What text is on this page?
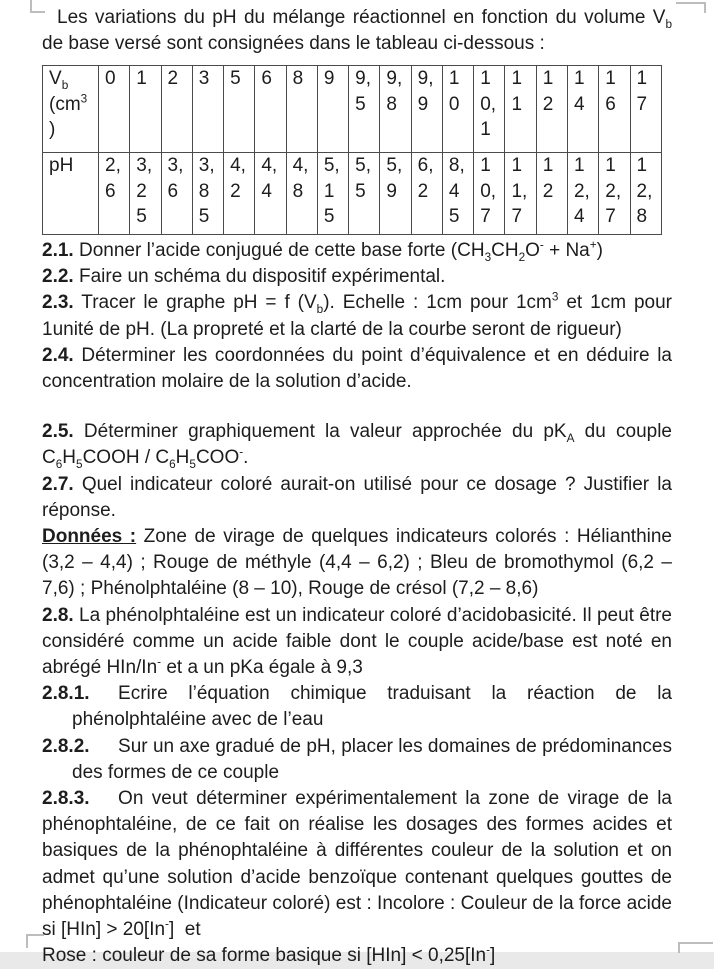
Les variations du pH du mélange réactionnel en fonction du volume $V_b$ de base versé sont consignées dans le tableau ci-dessous :

$V_b$ ($cm^3$ )	0	1	2	3	5	6	8	9	9,5	9,8	9,9	10	10,1	11	12	14	16	17
pH	2,6	3,25	3,6	3,85	4,2	4,4	4,8	5,15	5,5	5,9	6,2	8,45	10,7	11,7	12	12,4	12,7	12,8

2.1. Donner l’acide conjugué de cette base forte $(CH_3CH_2O^- + Na^+)$

2.2. Faire un schéma du dispositif expérimental.

2.3. Tracer le graphe pH = f $(V_b)$. Echelle : 1cm pour $1cm^3$ et 1cm pour 1unité de pH. (La propreté et la clarté de la courbe seront de rigueur)

2.4. Déterminer les coordonnées du point d’équivalence et en déduire la concentration molaire de la solution d’acide.

2.5. Déterminer graphiquement la valeur approchée du $pK_A$ du couple $C_6H_5COOH / C_6H_5COO^-$.

2.7. Quel indicateur coloré aurait-on utilisé pour ce dosage ? Justifier la réponse.

Données : Zone de virage de quelques indicateurs colorés : Hélianthine (3,2 – 4,4) ; Rouge de méthyle (4,4 – 6,2) ; Bleu de bromothymol (6,2 – 7,6) ; Phénolphtaléine (8 – 10), Rouge de crésol (7,2 – 8,6)

2.8. La phénolphtaléine est un indicateur coloré d’acidobasicité. Il peut être considéré comme un acide faible dont le couple acide/base est noté en abrégé HIn/In- et a un pKa égale à 9,3

2.8.1.  Ecrire l’équation chimique traduisant la réaction de la phénolphtaléine avec de l’eau

2.8.2.  Sur un axe gradué de pH, placer les domaines de prédominances des formes de ce couple

2.8.3.  On veut déterminer expérimentalement la zone de virage de la phénophtaléine, de ce fait on réalise les dosages des formes acides et basiques de la phénophtaléine à différentes couleur de la solution et on admet qu’une solution d’acide benzoïque contenant quelques gouttes de phénophtaléine (Indicateur coloré) est : Incolore : Couleur de la force acide si [HIn] > 20[In-]  et

Rose : couleur de sa forme basique si [HIn] < 0,25[In-]
